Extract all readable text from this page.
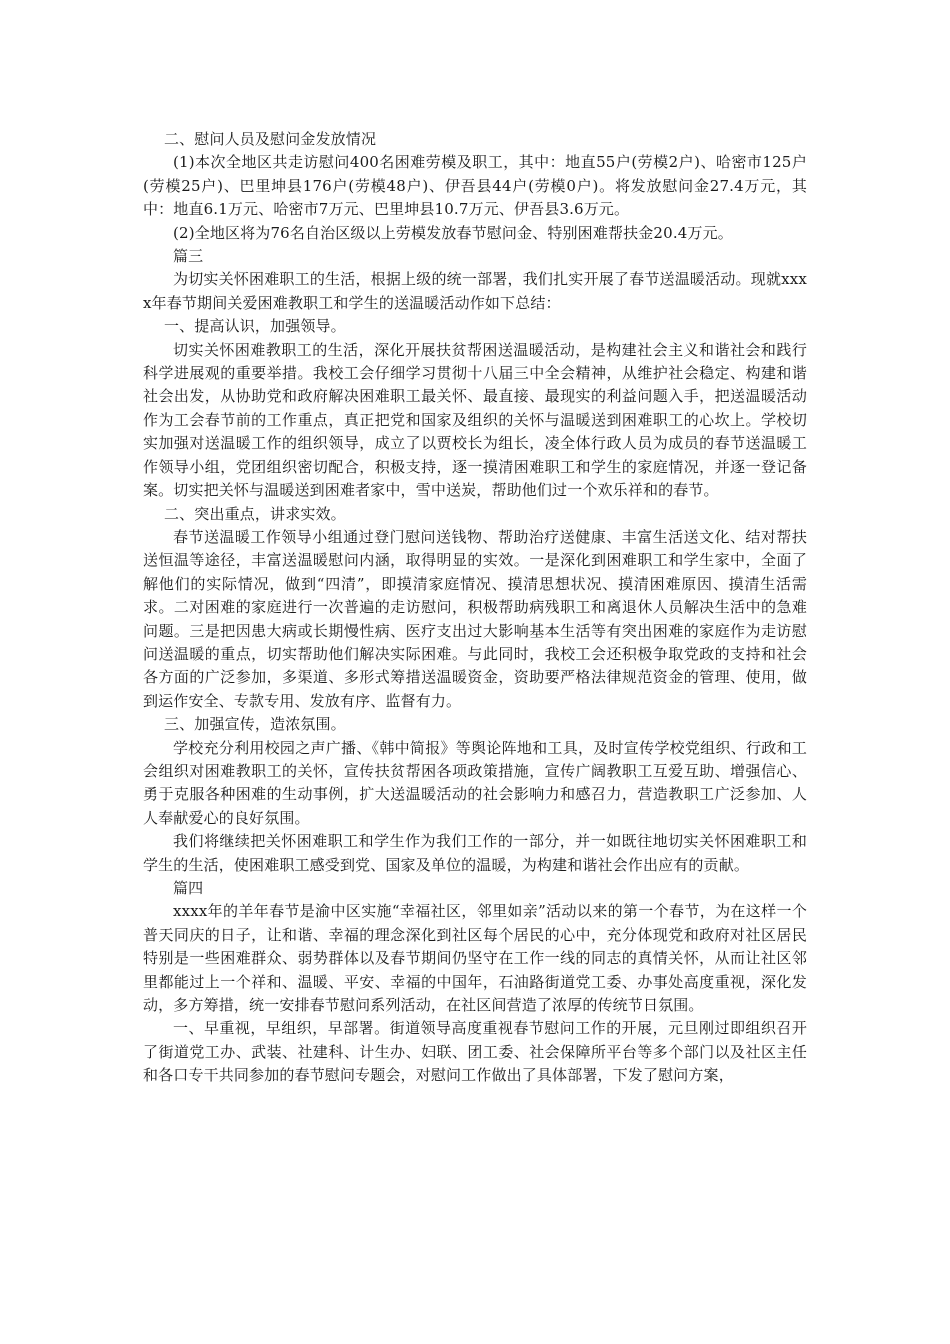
二、慰问人员及慰问金发放情况

(1)本次全地区共走访慰问400名困难劳模及职工，其中：地直55户(劳模2户)、哈密市125户(劳模25户)、巴里坤县176户(劳模48户)、伊吾县44户(劳模0户)。将发放慰问金27.4万元，其中：地直6.1万元、哈密市7万元、巴里坤县10.7万元、伊吾县3.6万元。

(2)全地区将为76名自治区级以上劳模发放春节慰问金、特别困难帮扶金20.4万元。

篇三

为切实关怀困难职工的生活，根据上级的统一部署，我们扎实开展了春节送温暖活动。现就xxxx年春节期间关爱困难教职工和学生的送温暖活动作如下总结：

一、提高认识，加强领导。

切实关怀困难教职工的生活，深化开展扶贫帮困送温暖活动，是构建社会主义和谐社会和践行科学进展观的重要举措。我校工会仔细学习贯彻十八届三中全会精神，从维护社会稳定、构建和谐社会出发，从协助党和政府解决困难职工最关怀、最直接、最现实的利益问题入手，把送温暖活动作为工会春节前的工作重点，真正把党和国家及组织的关怀与温暖送到困难职工的心坎上。学校切实加强对送温暖工作的组织领导，成立了以贾校长为组长，凌全体行政人员为成员的春节送温暖工作领导小组，党团组织密切配合，积极支持，逐一摸清困难职工和学生的家庭情况，并逐一登记备案。切实把关怀与温暖送到困难者家中，雪中送炭，帮助他们过一个欢乐祥和的春节。

二、突出重点，讲求实效。

春节送温暖工作领导小组通过登门慰问送钱物、帮助治疗送健康、丰富生活送文化、结对帮扶送恒温等途径，丰富送温暖慰问内涵，取得明显的实效。一是深化到困难职工和学生家中，全面了解他们的实际情况，做到“四清”，即摸清家庭情况、摸清思想状况、摸清困难原因、摸清生活需求。二对困难的家庭进行一次普遍的走访慰问，积极帮助病残职工和离退休人员解决生活中的急难问题。三是把因患大病或长期慢性病、医疗支出过大影响基本生活等有突出困难的家庭作为走访慰问送温暖的重点，切实帮助他们解决实际困难。与此同时，我校工会还积极争取党政的支持和社会各方面的广泛参加，多渠道、多形式筹措送温暖资金，资助要严格法律规范资金的管理、使用，做到运作安全、专款专用、发放有序、监督有力。

三、加强宣传，造浓氛围。

学校充分利用校园之声广播、《韩中简报》等舆论阵地和工具，及时宣传学校党组织、行政和工会组织对困难教职工的关怀，宣传扶贫帮困各项政策措施，宣传广阔教职工互爱互助、增强信心、勇于克服各种困难的生动事例，扩大送温暖活动的社会影响力和感召力，营造教职工广泛参加、人人奉献爱心的良好氛围。

我们将继续把关怀困难职工和学生作为我们工作的一部分，并一如既往地切实关怀困难职工和学生的生活，使困难职工感受到党、国家及单位的温暖，为构建和谐社会作出应有的贡献。

篇四

xxxx年的羊年春节是渝中区实施“幸福社区，邻里如亲”活动以来的第一个春节，为在这样一个普天同庆的日子，让和谐、幸福的理念深化到社区每个居民的心中，充分体现党和政府对社区居民特别是一些困难群众、弱势群体以及春节期间仍坚守在工作一线的同志的真情关怀，从而让社区邻里都能过上一个祥和、温暖、平安、幸福的中国年，石油路街道党工委、办事处高度重视，深化发动，多方筹措，统一安排春节慰问系列活动，在社区间营造了浓厚的传统节日氛围。

一、早重视，早组织，早部署。街道领导高度重视春节慰问工作的开展，元旦刚过即组织召开了街道党工办、武装、社建科、计生办、妇联、团工委、社会保障所平台等多个部门以及社区主任和各口专干共同参加的春节慰问专题会，对慰问工作做出了具体部署，下发了慰问方案，
